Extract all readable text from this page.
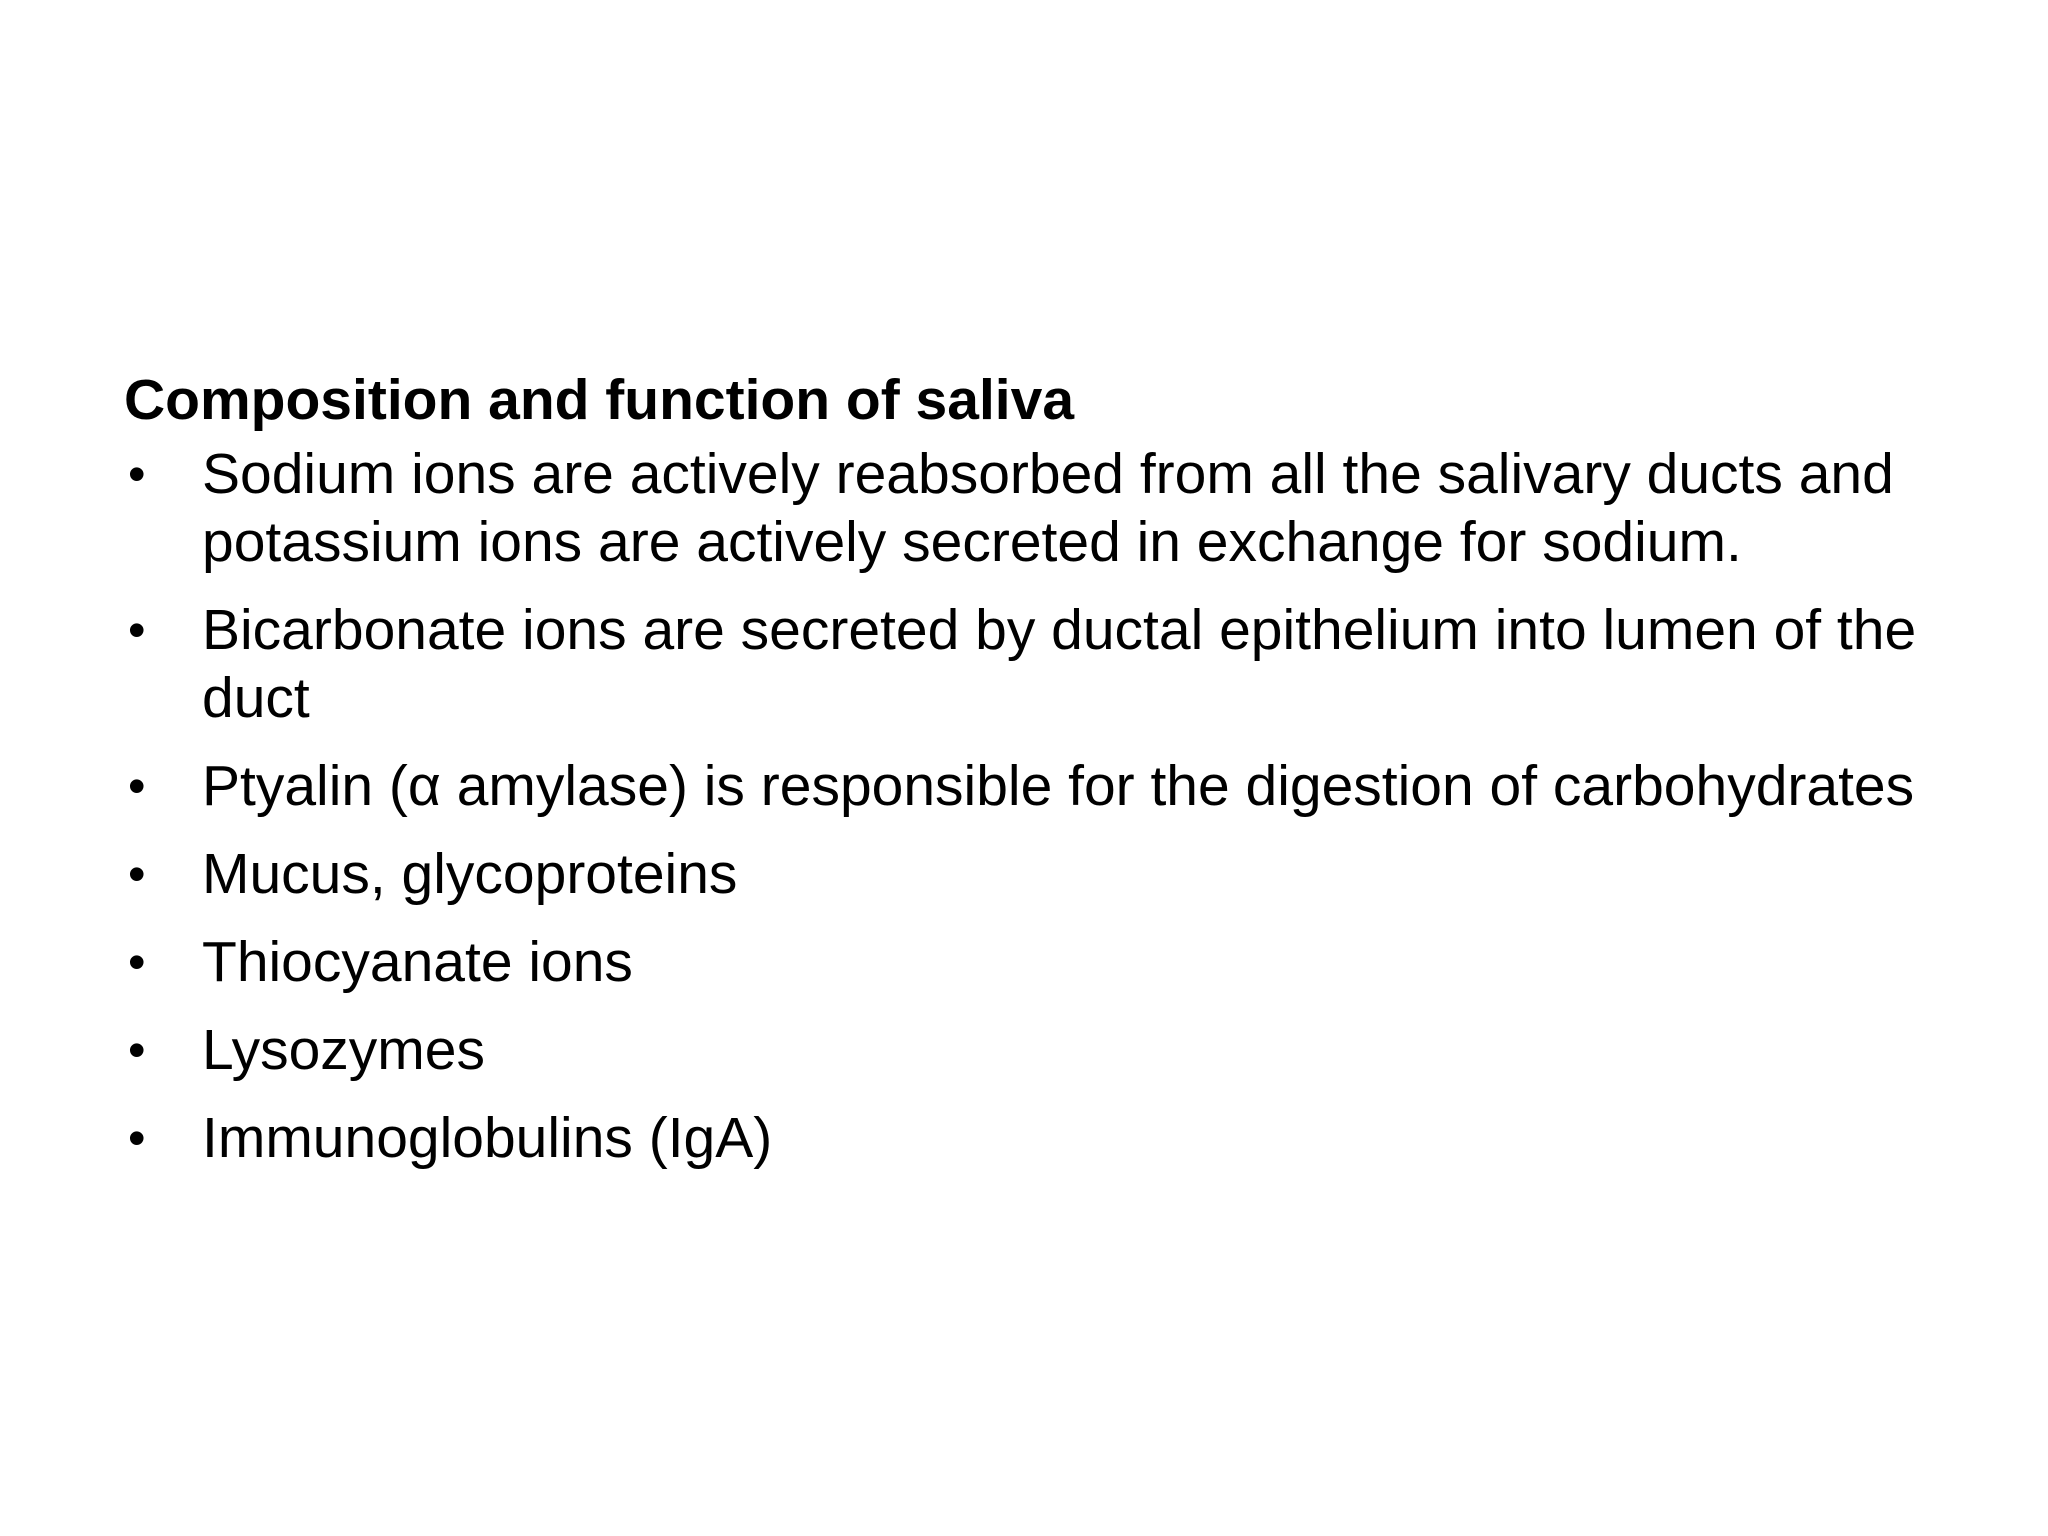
Composition and function of saliva
• Sodium ions are actively reabsorbed from all the salivary ducts and potassium ions are actively secreted in exchange for sodium.
• Bicarbonate ions are secreted by ductal epithelium into lumen of the duct
• Ptyalin (α amylase) is responsible for the digestion of carbohydrates
• Mucus, glycoproteins
• Thiocyanate ions
• Lysozymes
• Immunoglobulins (IgA)
